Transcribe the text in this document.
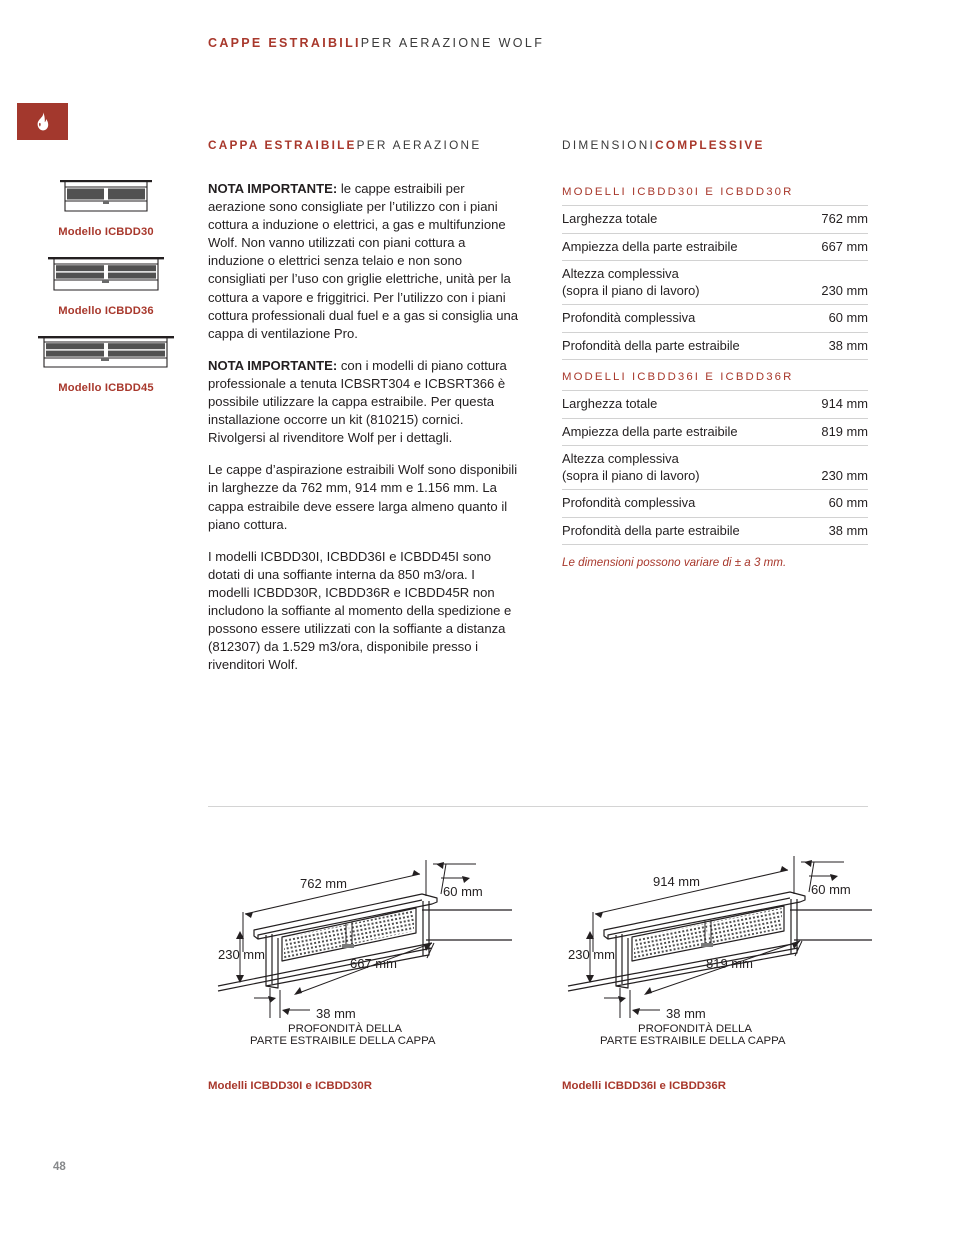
CAPPE ESTRAIBILIPER AERAZIONE WOLF
Modello ICBDD30
Modello ICBDD36
Modello ICBDD45
CAPPA ESTRAIBILEPER AERAZIONE	DIMENSIONICOMPLESSIVE

NOTA IMPORTANTE: le cappe estraibili per aerazione sono consigliate per l’utilizzo con i piani cottura a induzione o elettrici, a gas e multifunzione Wolf. Non vanno utilizzati con piani cottura a induzione o elettrici senza telaio e non sono consigliati per l’uso con griglie elettriche, unità per la cottura a vapore e friggitrici. Per l’utilizzo con i piani cottura professionali dual fuel e a gas si consiglia una cappa di ventilazione Pro.

NOTA IMPORTANTE: con i modelli di piano cottura professionale a tenuta ICBSRT304 e ICBSRT366 è possibile utilizzare la cappa estraibile. Per questa installazione occorre un kit (810215) cornici. Rivolgersi al rivenditore Wolf per i dettagli.

Le cappe d’aspirazione estraibili Wolf sono disponibili in larghezze da 762 mm, 914 mm e 1.156 mm. La cappa estraibile deve essere larga almeno quanto il piano cottura.

I modelli ICBDD30I, ICBDD36I e ICBDD45I sono dotati di una soffiante interna da 850 m3/ora. I modelli ICBDD30R, ICBDD36R e ICBDD45R non includono la soffiante al momento della spedizione e possono essere utilizzati con la soffiante a distanza (812307) da 1.529 m3/ora, disponibile presso i rivenditori Wolf.

MODELLI ICBDD30I E ICBDD30R
Larghezza totale	762 mm
Ampiezza della parte estraibile	667 mm
Altezza complessiva
(sopra il piano di lavoro)	230 mm
Profondità complessiva	60 mm
Profondità della parte estraibile	38 mm
MODELLI ICBDD36I E ICBDD36R
Larghezza totale	914 mm
Ampiezza della parte estraibile	819 mm
Altezza complessiva
(sopra il piano di lavoro)	230 mm
Profondità complessiva	60 mm
Profondità della parte estraibile	38 mm
Le dimensioni possono variare di ± a 3 mm.
762 mm
60 mm
230 mm
667 mm
38 mm
PROFONDITÀ DELLA
PARTE ESTRAIBILE DELLA CAPPA
914 mm
60 mm
230 mm
819 mm
38 mm
PROFONDITÀ DELLA
PARTE ESTRAIBILE DELLA CAPPA
Modelli ICBDD30I e ICBDD30R	Modelli ICBDD36I e ICBDD36R
48
